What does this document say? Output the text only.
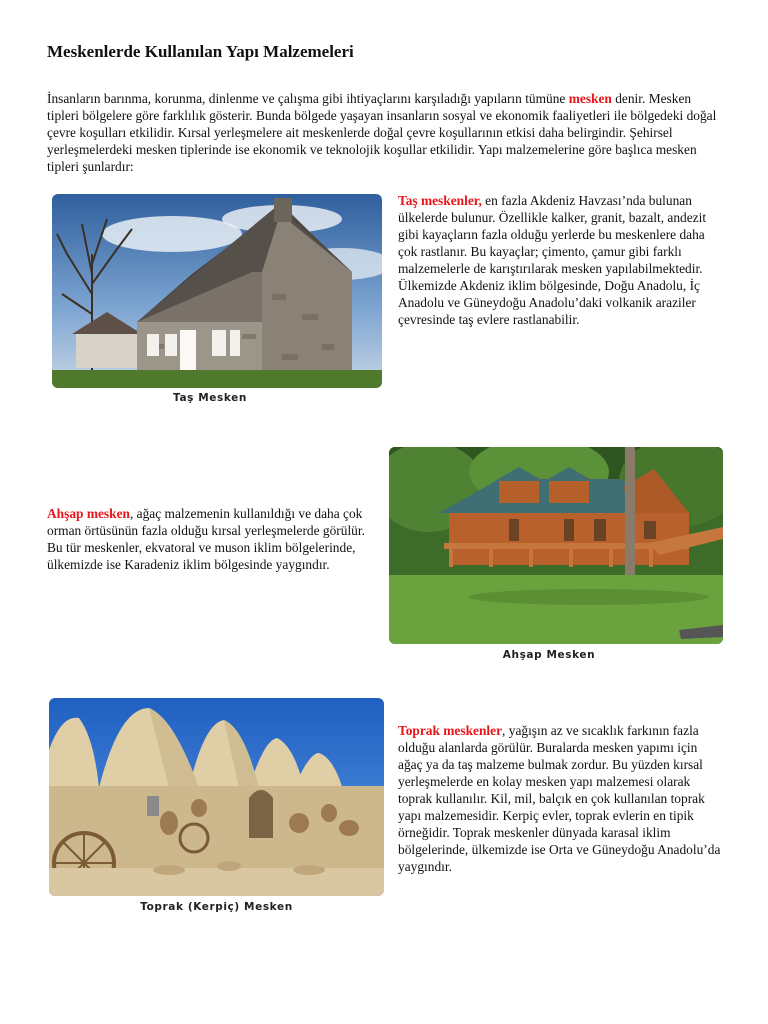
Meskenlerde Kullanılan Yapı Malzemeleri
İnsanların barınma, korunma, dinlenme ve çalışma gibi ihtiyaçlarını karşıladığı yapıların tümüne mesken denir. Mesken tipleri bölgelere göre farklılık gösterir. Bunda bölgede yaşayan insanların sosyal ve ekonomik faaliyetleri ile bölgedeki doğal çevre koşulları etkilidir. Kırsal yerleşmelere ait meskenlerde doğal çevre koşullarının etkisi daha belirgindir. Şehirsel yerleşmelerdeki mesken tiplerinde ise ekonomik ve teknolojik koşullar etkilidir. Yapı malzemelerine göre başlıca mesken tipleri şunlardır:
Taş Mesken
Taş meskenler, en fazla Akdeniz Havzası’nda bulunan ülkelerde bulunur. Özellikle kalker, granit, bazalt, andezit gibi kayaçların fazla olduğu yerlerde bu meskenlere daha çok rastlanır. Bu kayaçlar; çimento, çamur gibi farklı malzemelerle de karıştırılarak mesken yapılabilmektedir. Ülkemizde Akdeniz iklim bölgesinde, Doğu Anadolu, İç Anadolu ve Güneydoğu Anadolu’daki volkanik araziler çevresinde taş evlere rastlanabilir.
Ahşap Mesken
Ahşap mesken, ağaç malzemenin kullanıldığı ve daha çok orman örtüsünün fazla olduğu kırsal yerleşmelerde görülür. Bu tür meskenler, ekvatoral ve muson iklim bölgelerinde, ülkemizde ise Karadeniz iklim bölgesinde yaygındır.
Toprak (Kerpiç) Mesken
Toprak meskenler, yağışın az ve sıcaklık farkının fazla olduğu alanlarda görülür. Buralarda mesken yapımı için ağaç ya da taş malzeme bulmak zordur. Bu yüzden kırsal yerleşmelerde en kolay mesken yapı malzemesi olarak toprak kullanılır. Kil, mil, balçık en çok kullanılan toprak yapı malzemesidir. Kerpiç evler, toprak evlerin en tipik örneğidir. Toprak meskenler dünyada karasal iklim bölgelerinde, ülkemizde ise Orta ve Güneydoğu Anadolu’da yaygındır.
